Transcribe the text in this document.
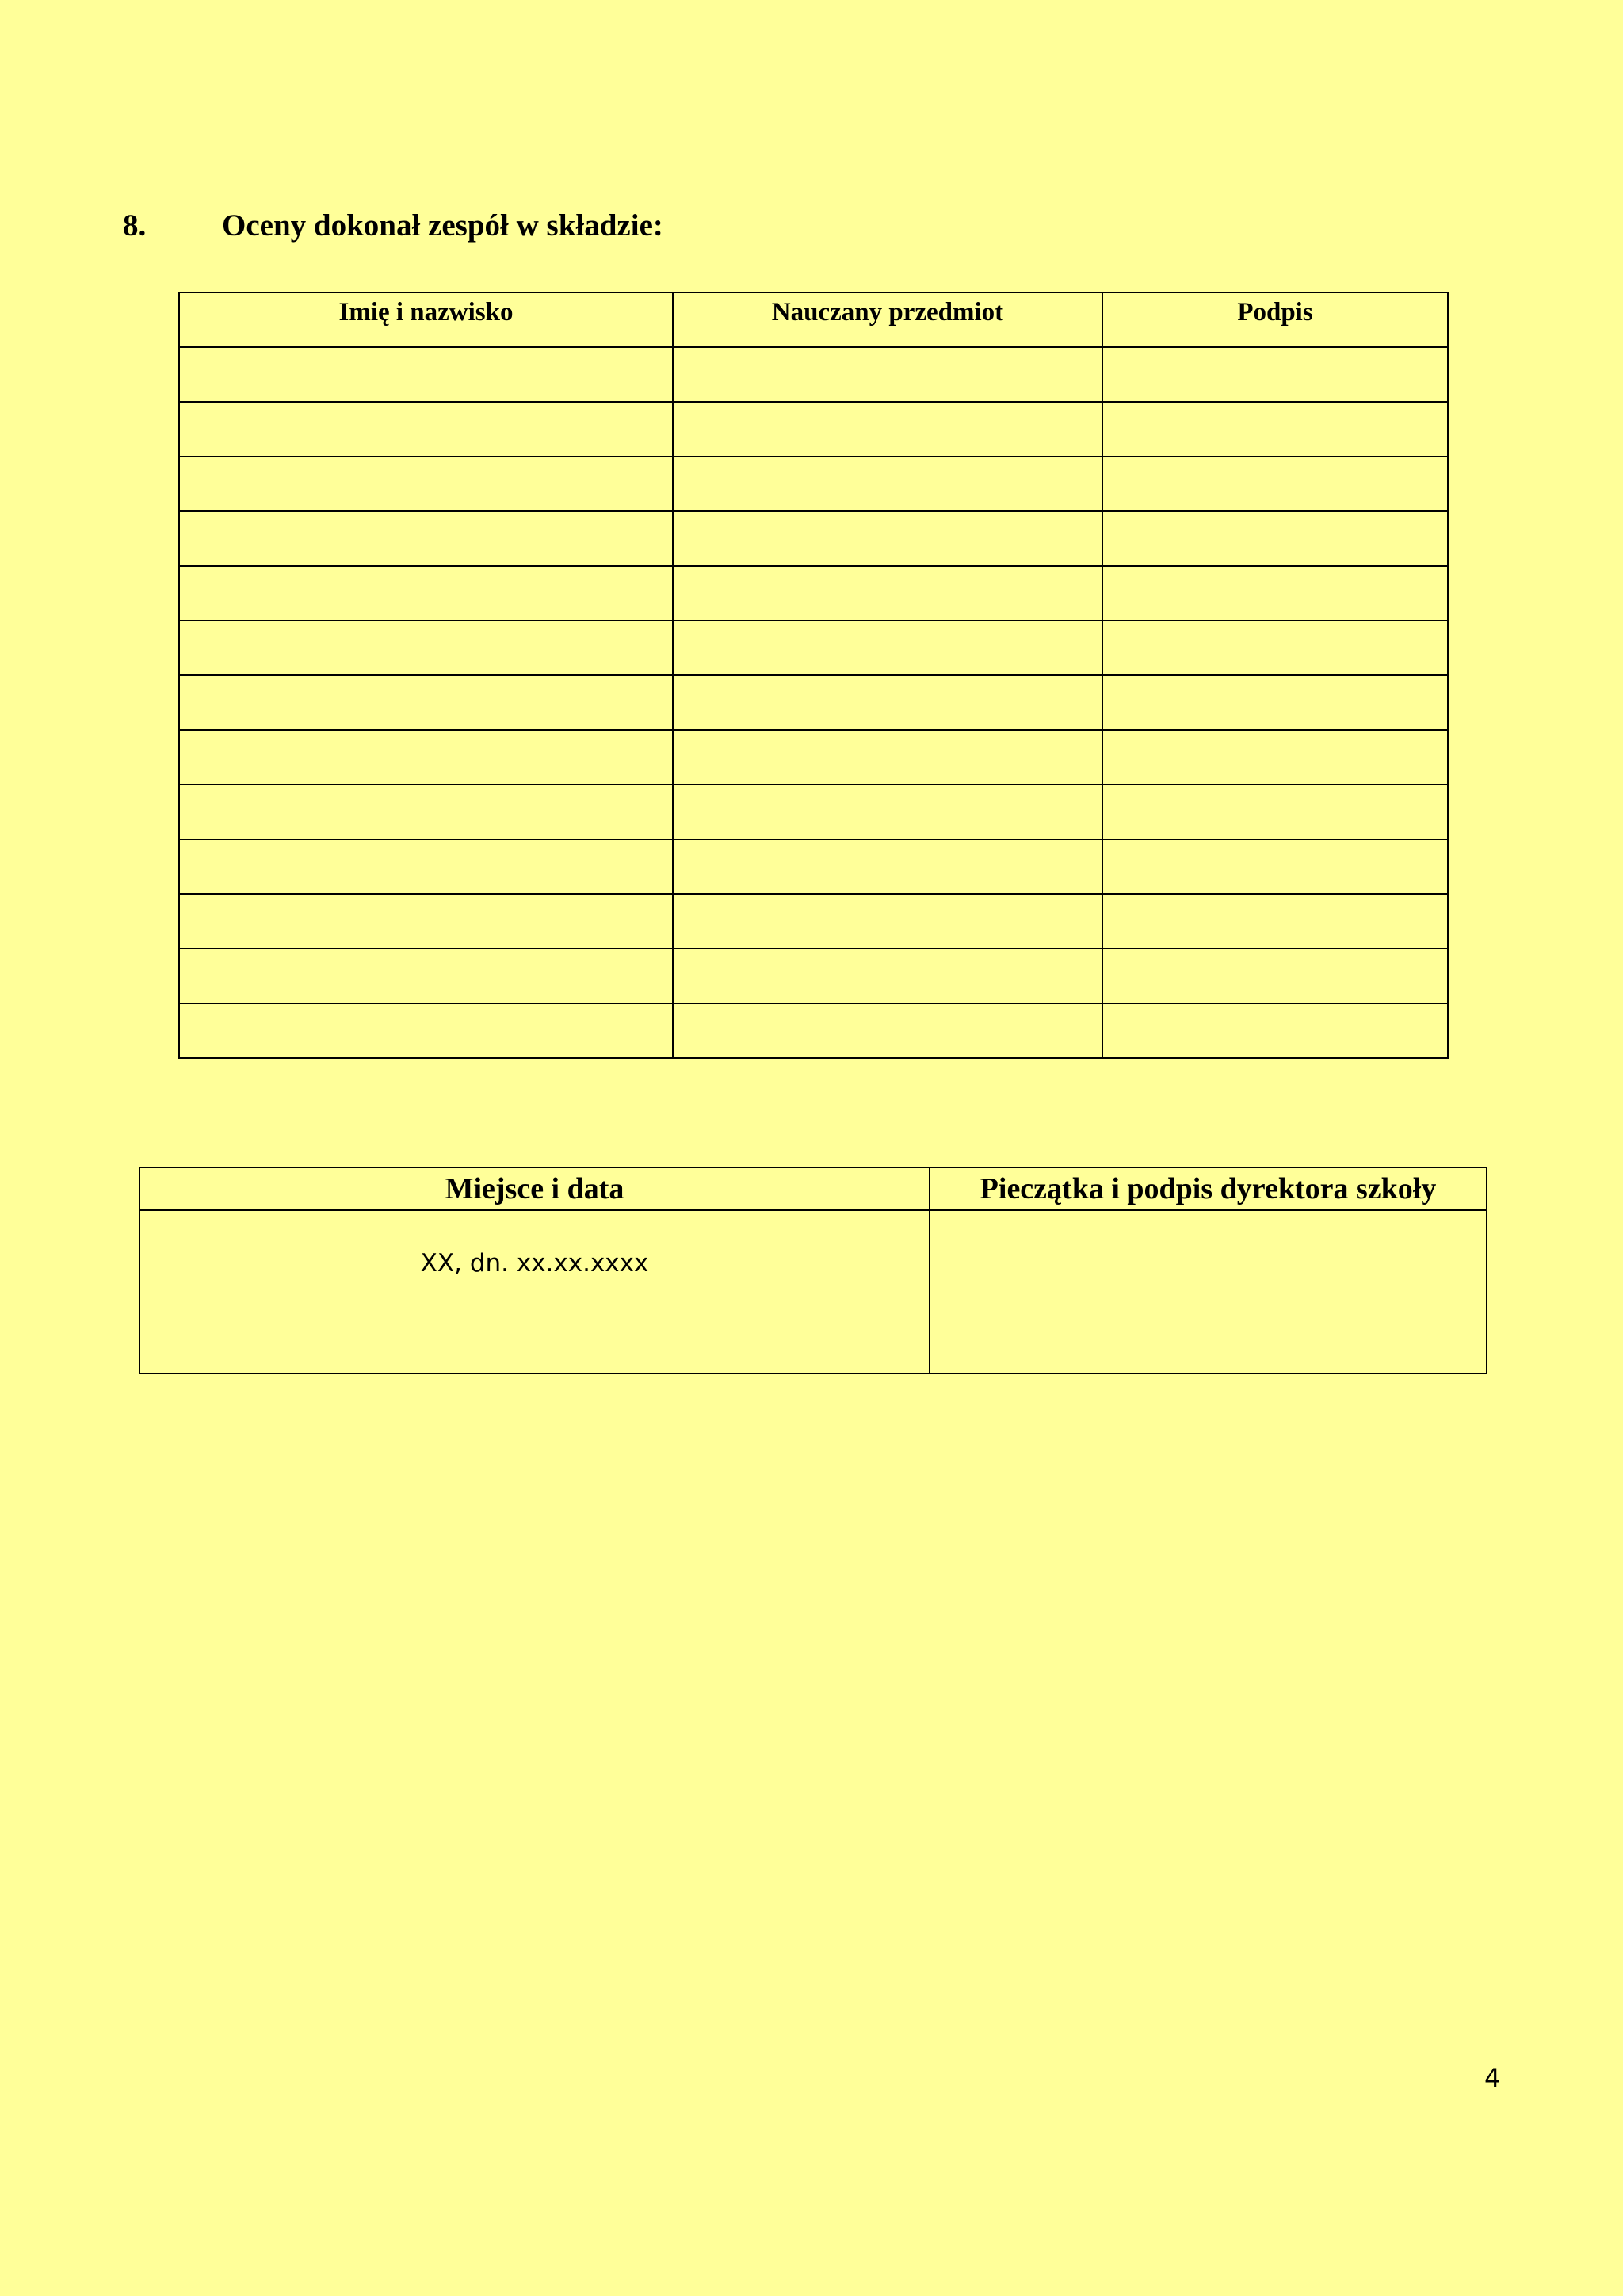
8. Oceny dokonał zespół w składzie:
Imię i nazwisko	Nauczany przedmiot	Podpis

Miejsce i data	Pieczątka i podpis dyrektora szkoły

XX, dn. xx.xx.xxxx	

4
